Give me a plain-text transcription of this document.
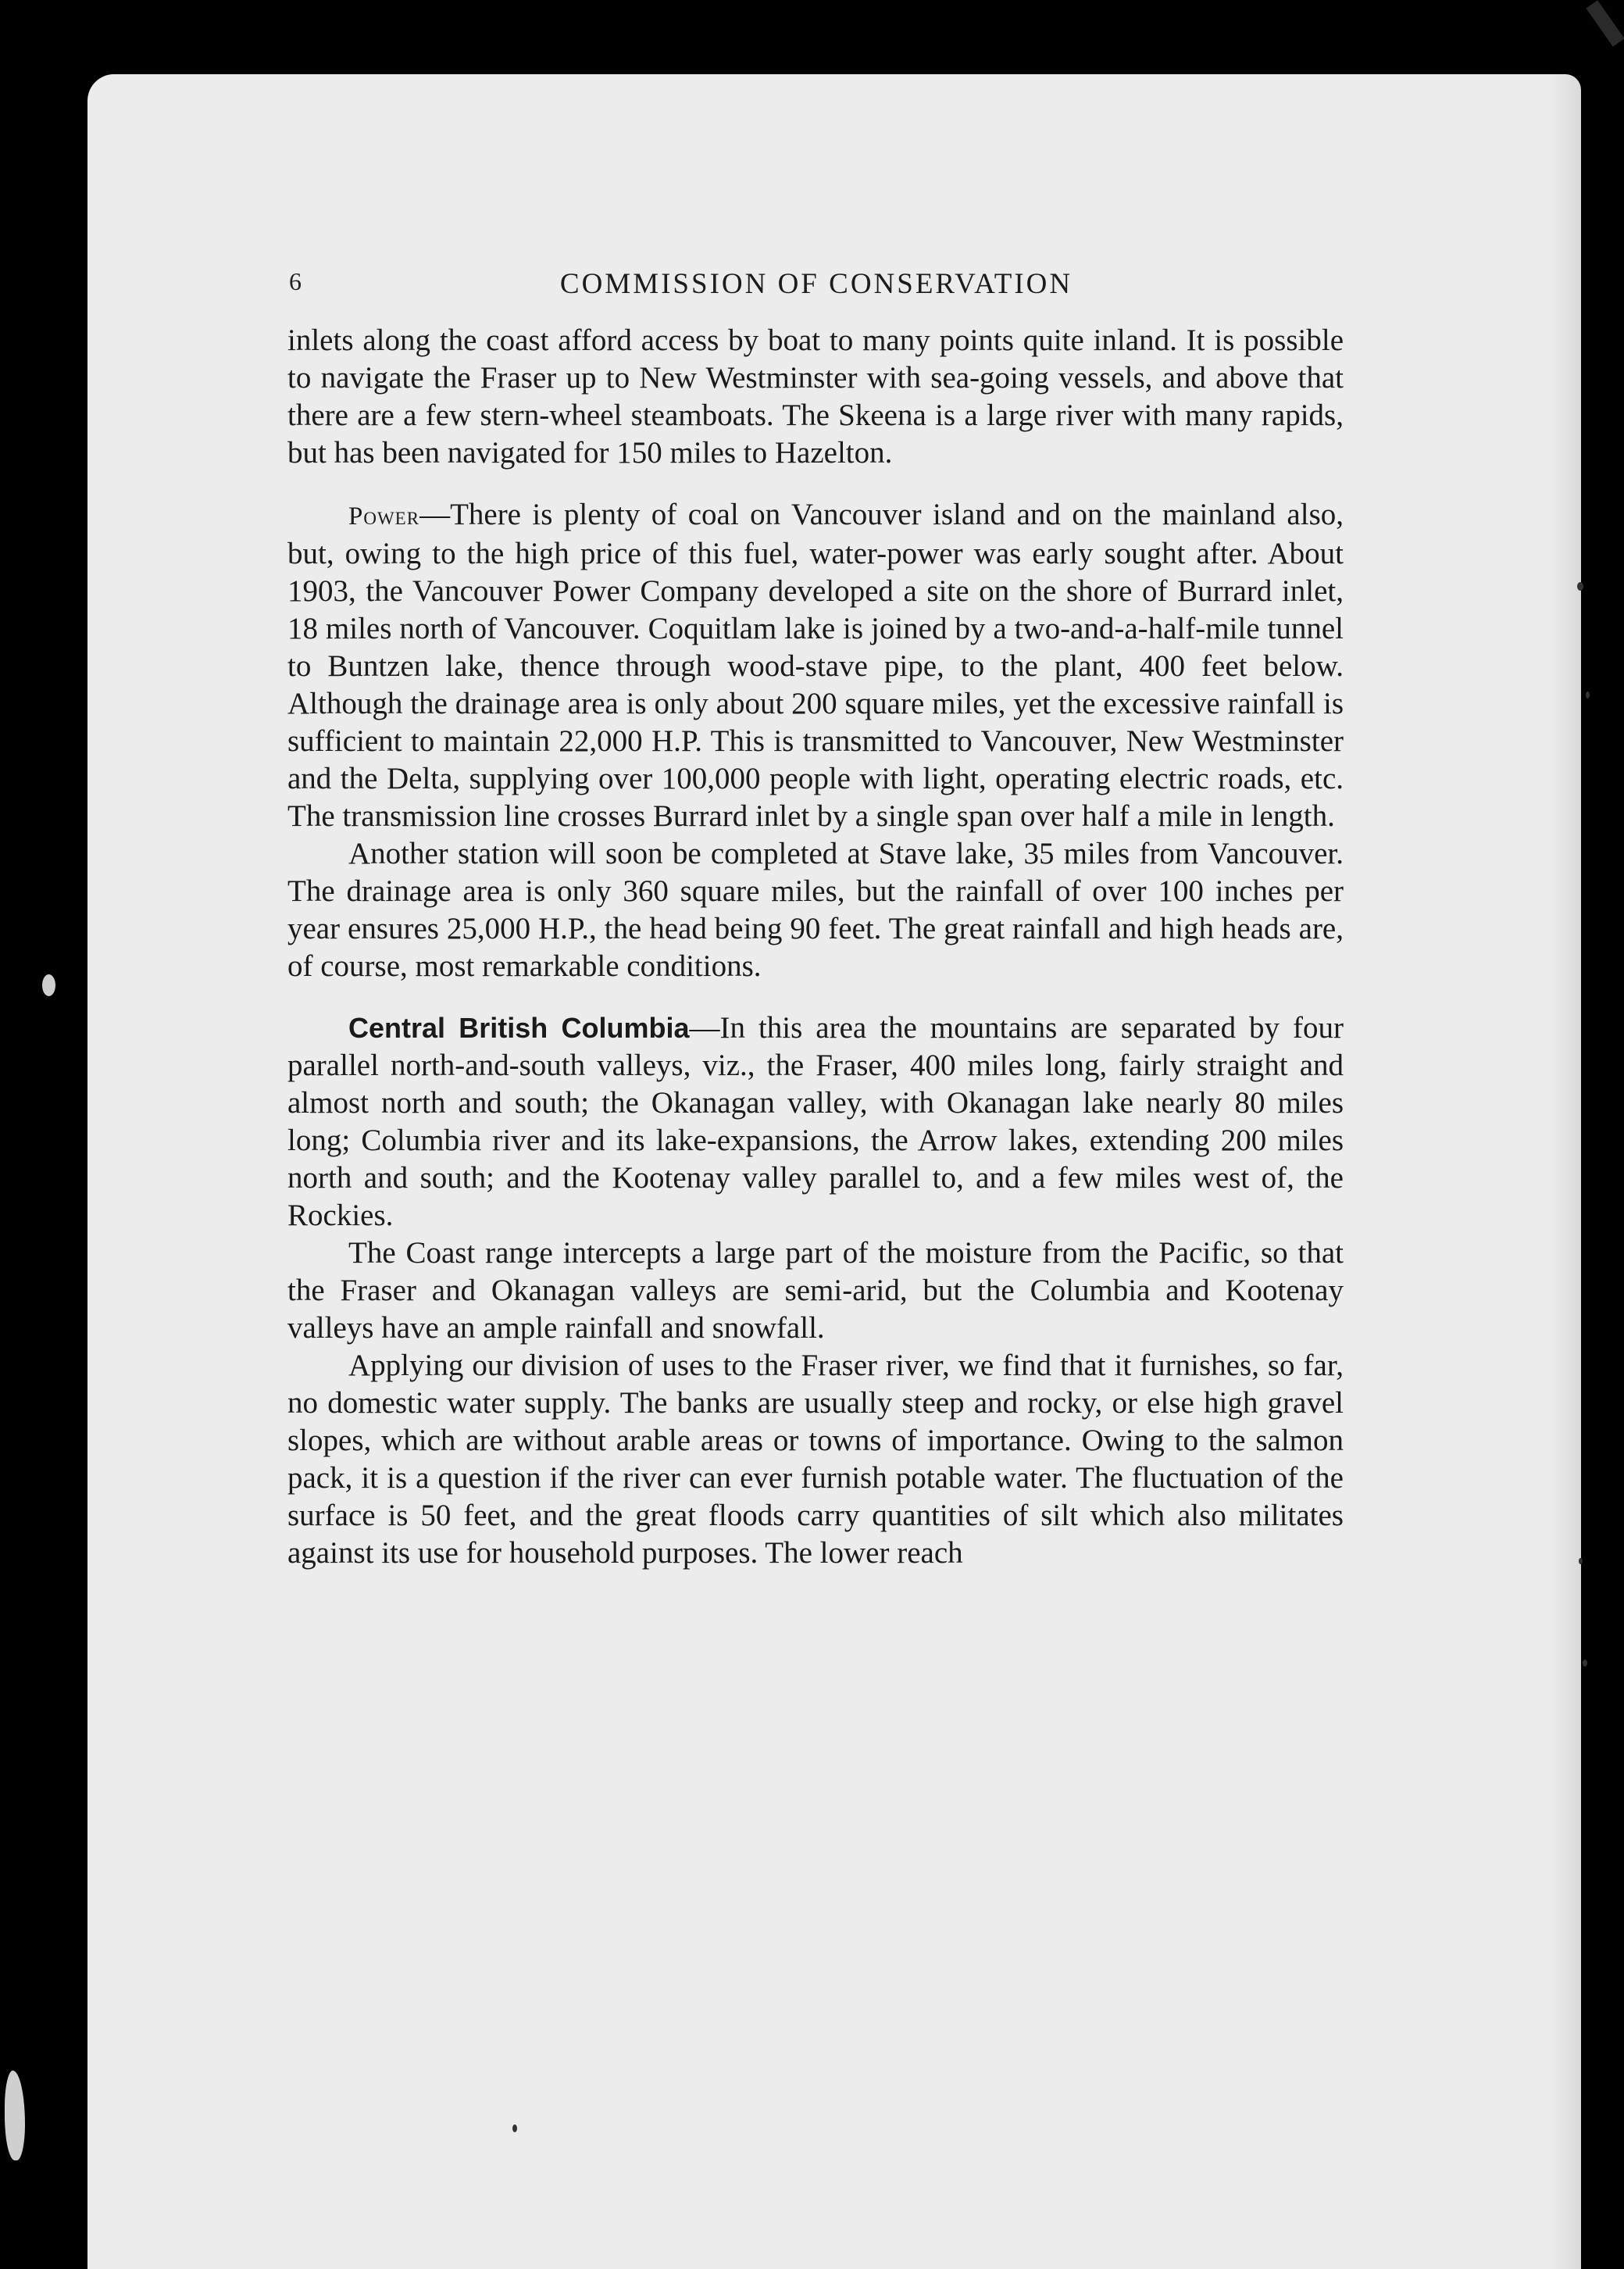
6	COMMISSION OF CONSERVATION

inlets along the coast afford access by boat to many points quite inland. It is possible to navigate the Fraser up to New Westminster with sea-going vessels, and above that there are a few stern-wheel steamboats. The Skeena is a large river with many rapids, but has been navigated for 150 miles to Hazelton.

Power—There is plenty of coal on Vancouver island and on the mainland also, but, owing to the high price of this fuel, water-power was early sought after. About 1903, the Vancouver Power Company developed a site on the shore of Burrard inlet, 18 miles north of Vancouver. Coquitlam lake is joined by a two-and-a-half-mile tunnel to Buntzen lake, thence through wood-stave pipe, to the plant, 400 feet below. Although the drainage area is only about 200 square miles, yet the excessive rainfall is sufficient to maintain 22,000 H.P. This is transmitted to Vancouver, New Westminster and the Delta, supplying over 100,000 people with light, operating electric roads, etc. The transmission line crosses Burrard inlet by a single span over half a mile in length.

Another station will soon be completed at Stave lake, 35 miles from Vancouver. The drainage area is only 360 square miles, but the rainfall of over 100 inches per year ensures 25,000 H.P., the head being 90 feet. The great rainfall and high heads are, of course, most remarkable conditions.

Central British Columbia—In this area the mountains are separated by four parallel north-and-south valleys, viz., the Fraser, 400 miles long, fairly straight and almost north and south; the Okanagan valley, with Okanagan lake nearly 80 miles long; Columbia river and its lake-expansions, the Arrow lakes, extending 200 miles north and south; and the Kootenay valley parallel to, and a few miles west of, the Rockies.

The Coast range intercepts a large part of the moisture from the Pacific, so that the Fraser and Okanagan valleys are semi-arid, but the Columbia and Kootenay valleys have an ample rainfall and snowfall.

Applying our division of uses to the Fraser river, we find that it furnishes, so far, no domestic water supply. The banks are usually steep and rocky, or else high gravel slopes, which are without arable areas or towns of importance. Owing to the salmon pack, it is a question if the river can ever furnish potable water. The fluctuation of the surface is 50 feet, and the great floods carry quantities of silt which also militates against its use for household purposes. The lower reach
